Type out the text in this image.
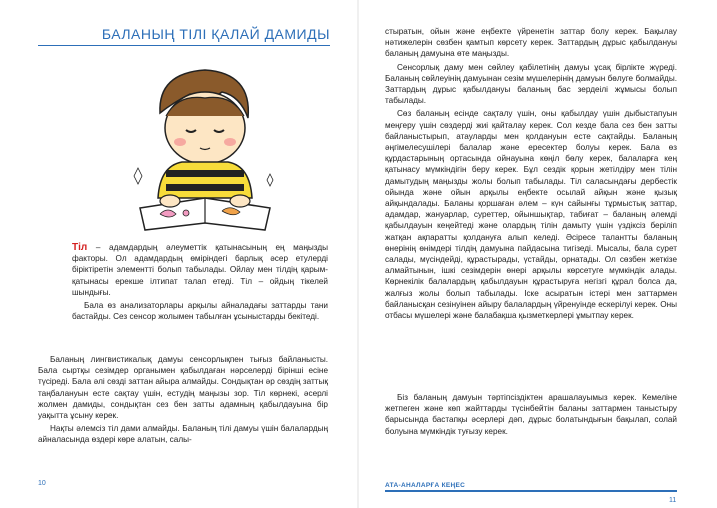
БАЛАНЫҢ ТІЛІ ҚАЛАЙ ДАМИДЫ

Тіл – адамдардың әлеуметтік қатынасының ең маңызды факторы. Ол адамдардың өміріндегі барлық әсер етулерді біріктіретін элементті болып табылады. Ойлау мен тілдің қарым-қатынасы ерекше ілтипат талап етеді. Тіл – ойдың тікелей шындығы.

Бала өз анализаторлары арқылы айналадағы заттарды тани бастайды. Сез сенсор жолымен табылған ұсыныстарды бекітеді.

Баланың лингвистикалық дамуы сенсорлықпен тығыз байланысты. Бала сыртқы сезімдер органымен қабылдаған нәрселерді бірінші есіне түсіреді. Бала әлі сөзді заттан айыра алмайды. Сондықтан әр сөздің заттық таңбалануын есте сақтау үшін, естудің маңызы зор. Тіл көрнекі, әсерлі жолмен дамиды, сондықтан сез бен затты адамның қабылдауына бір уақытта ұсыну керек.

Нақты әлемсіз тіл дами алмайды. Баланың тілі дамуы үшін балалардың айналасында өздері көре алатын, салы-

10

стыратын, ойын және еңбекте үйренетін заттар болу керек. Бақылау нәтижелерін сөзбен қамтып көрсету керек. Заттардың дұрыс қабылдануы баланың дамуына өте маңызды.

Сенсорлық даму мен сөйлеу қабілетінің дамуы ұсақ бірлікте жүреді. Баланың сөйлеуінің дамуынан сезім мүшелерінің дамуын бөлуге болмайды. Заттардың дұрыс қабылдануы баланың бас зердеілі жұмысы болып табылады.

Сөз баланың есінде сақталу үшін, оны қабылдау үшін дыбыстапуын меңгеру үшін сөздерді жиі қайталау керек. Сол кезде бала сез бен затты байланыстырып, атауларды мен қолдануын есте сақтайды. Баланың әңгімелесушілері балалар және ересектер болуы керек. Бала өз құрдастарының ортасында ойнауына көңіл бөлу керек, балаларға кең қатынасу мүмкіндігін беру керек. Бұл сездік қорын жетілдіру мен тілін дамытудың маңызды жолы болып табылады. Тіл саласындағы дербестік ойында және ойын арқылы еңбекте осылай айқын және қызық айқындалады. Баланы қоршаған әлем – күн сайынғы тұрмыстық заттар, адамдар, жануарлар, суреттер, ойыншықтар, табиғат – баланың әлемді қабылдауын кеңейтеді және олардың тілін дамыту үшін үздіксіз беріліп жатқан ақпаратты қолдануға алып келеді. Әсіресе талантты баланың өнерінің өнімдері тілдің дамуына пайдасына тигізеді. Мысалы, бала сурет салады, мүсіндейді, құрастырады, үстайды, орнатады. Ол сөзбен жеткізе алмайтынын, ішкі сезімдерін өнері арқылы көрсетуге мүмкіндік алады. Көрнекілік балалардың қабылдауын құрастыруға негізгі құрал болса да, жалғыз жолы болып табылады. Іске асыратын істері мен заттармен байланысқан сезінуінен айыру балалардың үйренуінде ескерілуі керек. Оны отбасы мүшелері және балабақша қызметкерлері ұмытпау керек.

Біз баланың дамуын тәртіпсіздіктен арашалауымыз керек. Кемеліне жетпеген және көп жайттарды түсінбейтін баланы заттармен таныстыру барысында бастапқы әсерлері дәп, дұрыс болатындығын бақылап, солай болуына мүмкіндік туғызу керек.

АТА-АНАЛАРҒА КЕҢЕС
11
